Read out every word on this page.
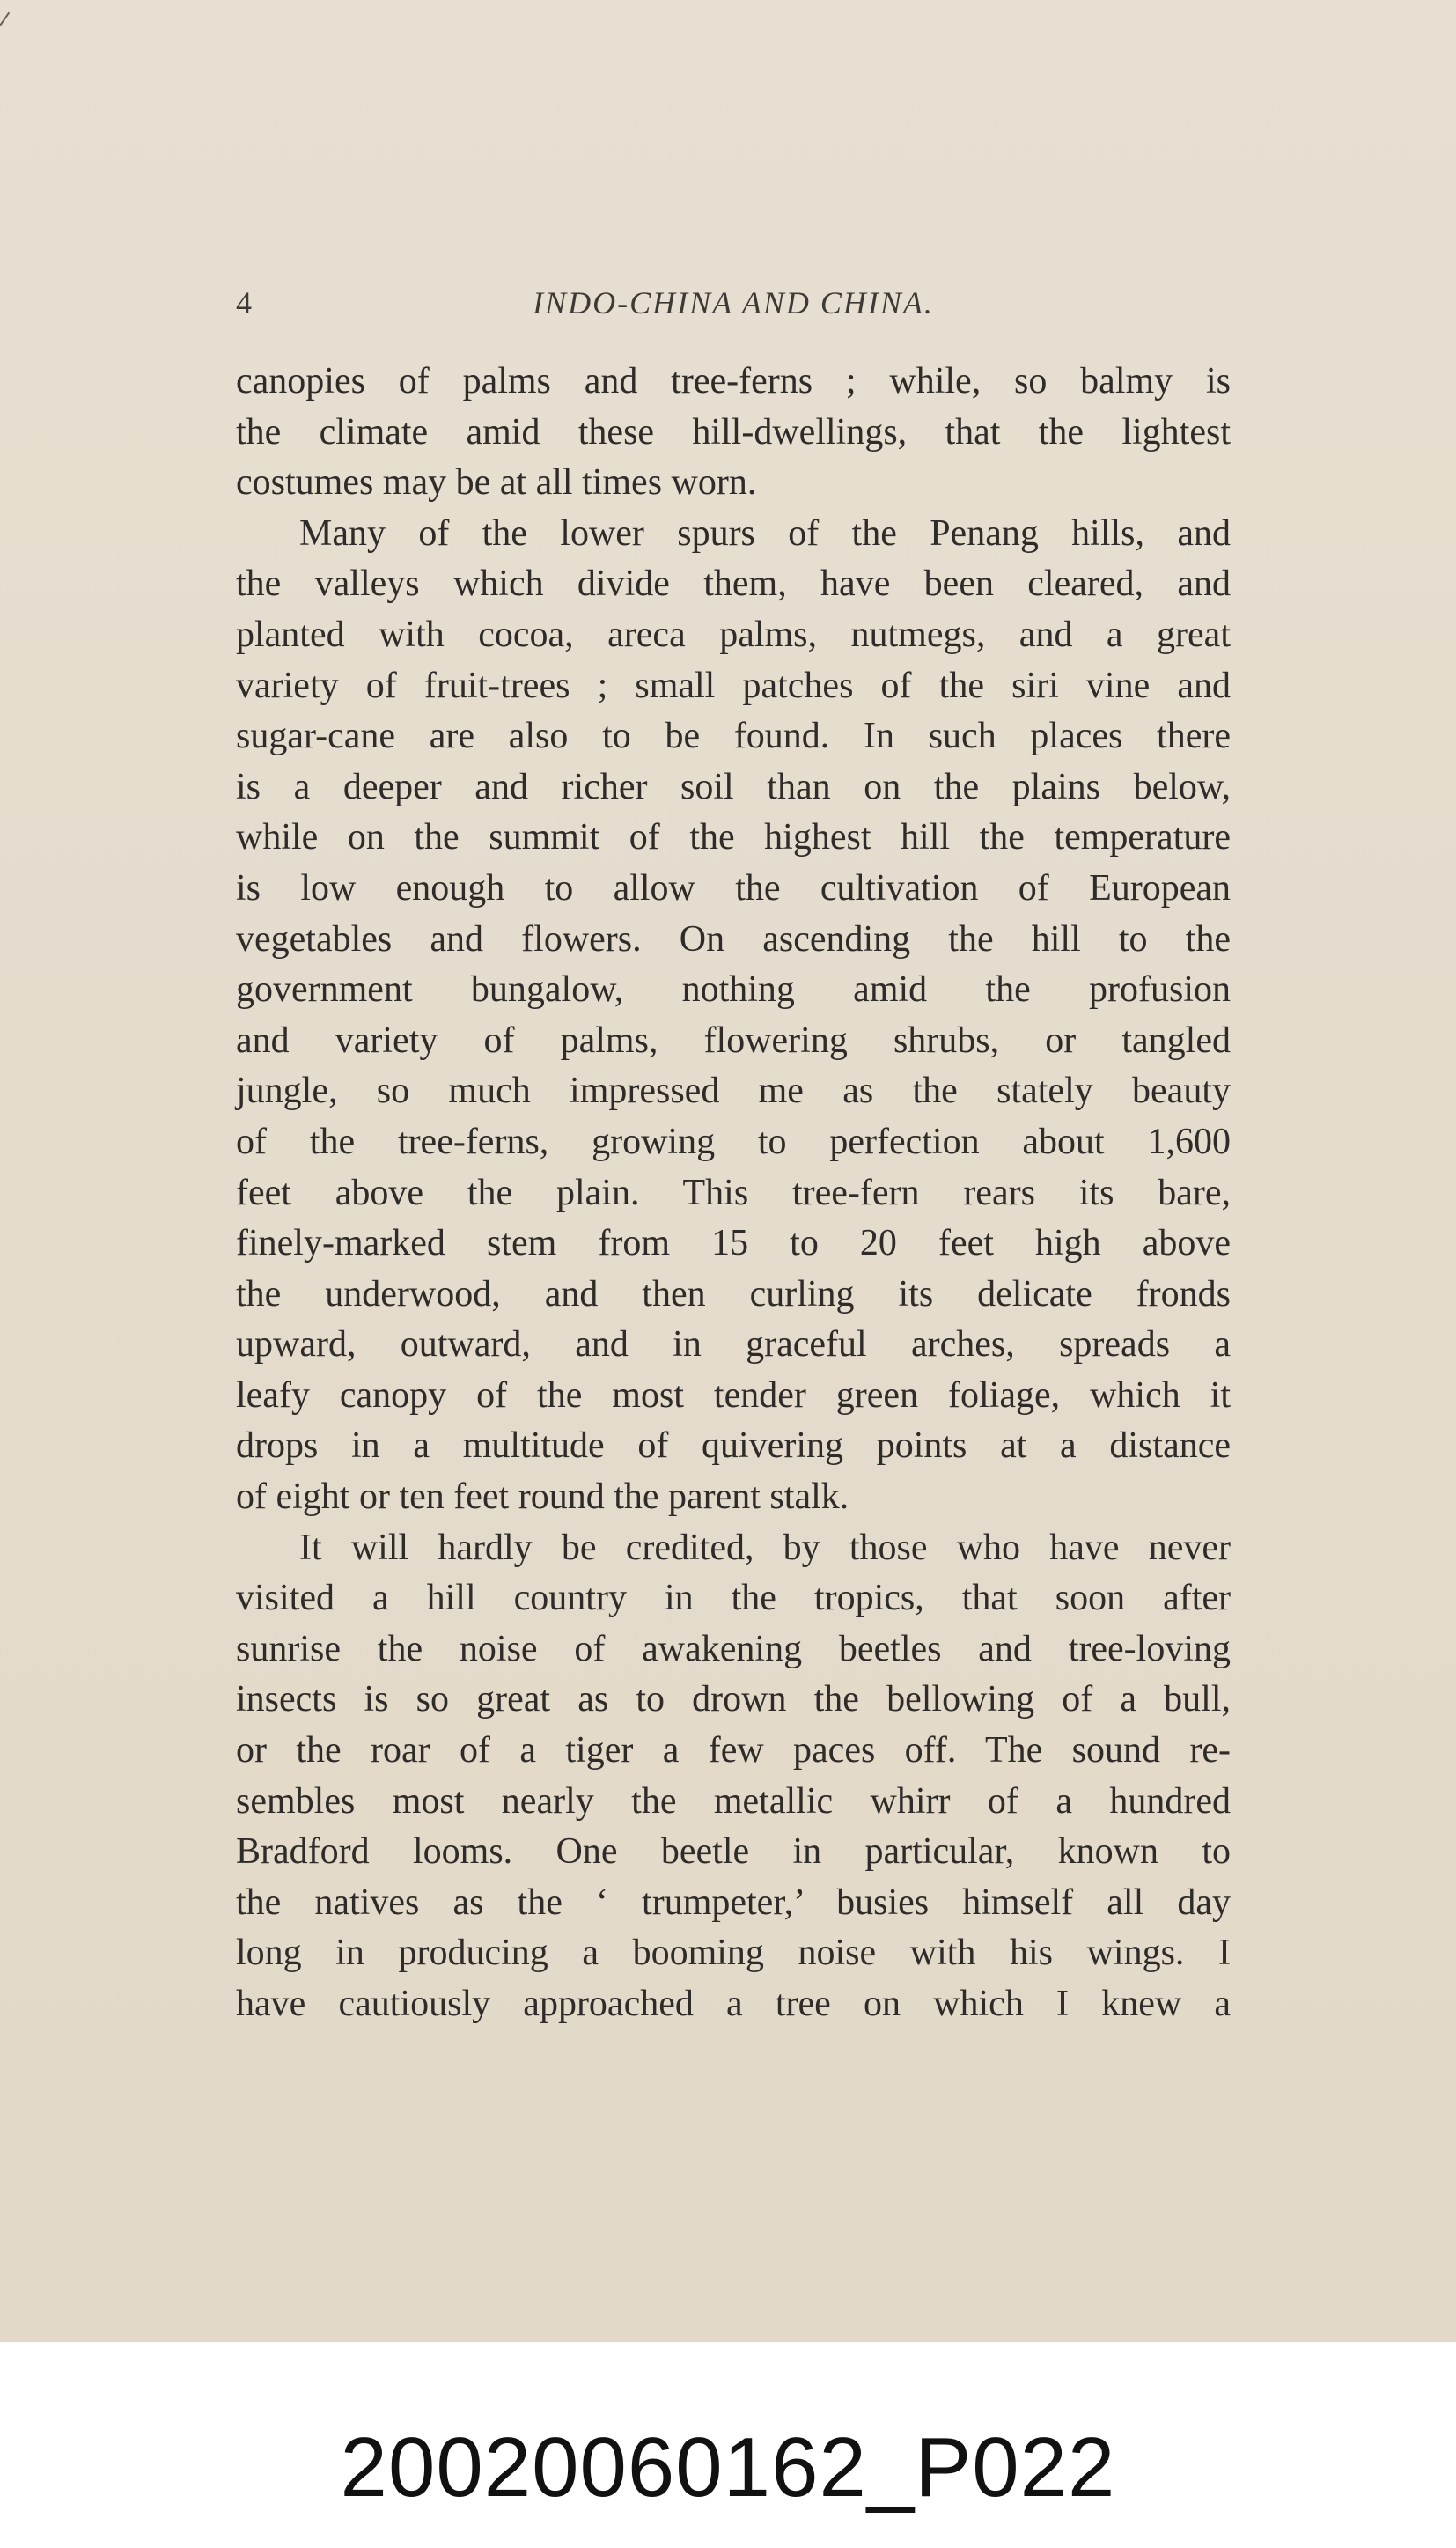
4	INDO-CHINA AND CHINA.
canopies of palms and tree-ferns ; while, so balmy is
the climate amid these hill-dwellings, that the lightest
costumes may be at all times worn.
Many of the lower spurs of the Penang hills, and
the valleys which divide them, have been cleared, and
planted with cocoa, areca palms, nutmegs, and a great
variety of fruit-trees ; small patches of the siri vine and
sugar-cane are also to be found. In such places there
is a deeper and richer soil than on the plains below,
while on the summit of the highest hill the temperature
is low enough to allow the cultivation of European
vegetables and flowers. On ascending the hill to the
government bungalow, nothing amid the profusion
and variety of palms, flowering shrubs, or tangled
jungle, so much impressed me as the stately beauty
of the tree-ferns, growing to perfection about 1,600
feet above the plain. This tree-fern rears its bare,
finely-marked stem from 15 to 20 feet high above
the underwood, and then curling its delicate fronds
upward, outward, and in graceful arches, spreads a
leafy canopy of the most tender green foliage, which it
drops in a multitude of quivering points at a distance
of eight or ten feet round the parent stalk.
It will hardly be credited, by those who have never
visited a hill country in the tropics, that soon after
sunrise the noise of awakening beetles and tree-loving
insects is so great as to drown the bellowing of a bull,
or the roar of a tiger a few paces off. The sound re-
sembles most nearly the metallic whirr of a hundred
Bradford looms. One beetle in particular, known to
the natives as the ‘ trumpeter,’ busies himself all day
long in producing a booming noise with his wings. I
have cautiously approached a tree on which I knew a
20020060162_P022
